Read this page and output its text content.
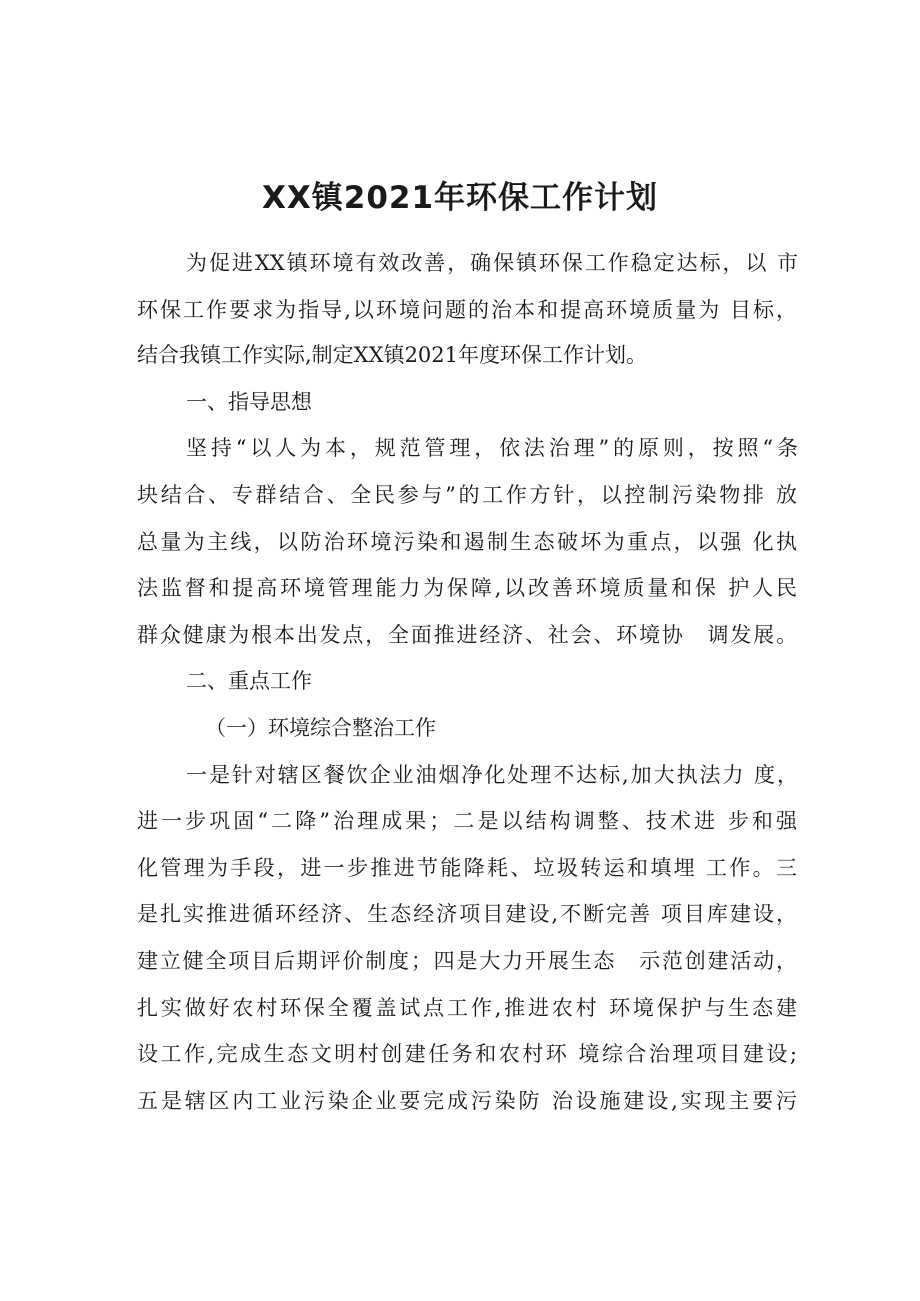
XX镇2021年环保工作计划

为促进XX镇环境有效改善，确保镇环保工作稳定达标，以 市

环保工作要求为指导,以环境问题的治本和提高环境质量为 目标，

结合我镇工作实际,制定XX镇2021年度环保工作计划。

一、指导思想

坚持“以人为本，规范管理，依法治理”的原则，按照“条

块结合、专群结合、全民参与”的工作方针，以控制污染物排 放

总量为主线，以防治环境污染和遏制生态破坏为重点，以强 化执

法监督和提高环境管理能力为保障,以改善环境质量和保 护人民

群众健康为根本出发点，全面推进经济、社会、环境协　调发展。

二、重点工作

（一）环境综合整治工作

一是针对辖区餐饮企业油烟净化处理不达标,加大执法力 度，

进一步巩固“二降”治理成果；二是以结构调整、技术进 步和强

化管理为手段，进一步推进节能降耗、垃圾转运和填埋 工作。三

是扎实推进循环经济、生态经济项目建设,不断完善 项目库建设，

建立健全项目后期评价制度；四是大力开展生态　示范创建活动，

扎实做好农村环保全覆盖试点工作,推进农村 环境保护与生态建

设工作,完成生态文明村创建任务和农村环 境综合治理项目建设;

五是辖区内工业污染企业要完成污染防 治设施建设,实现主要污
